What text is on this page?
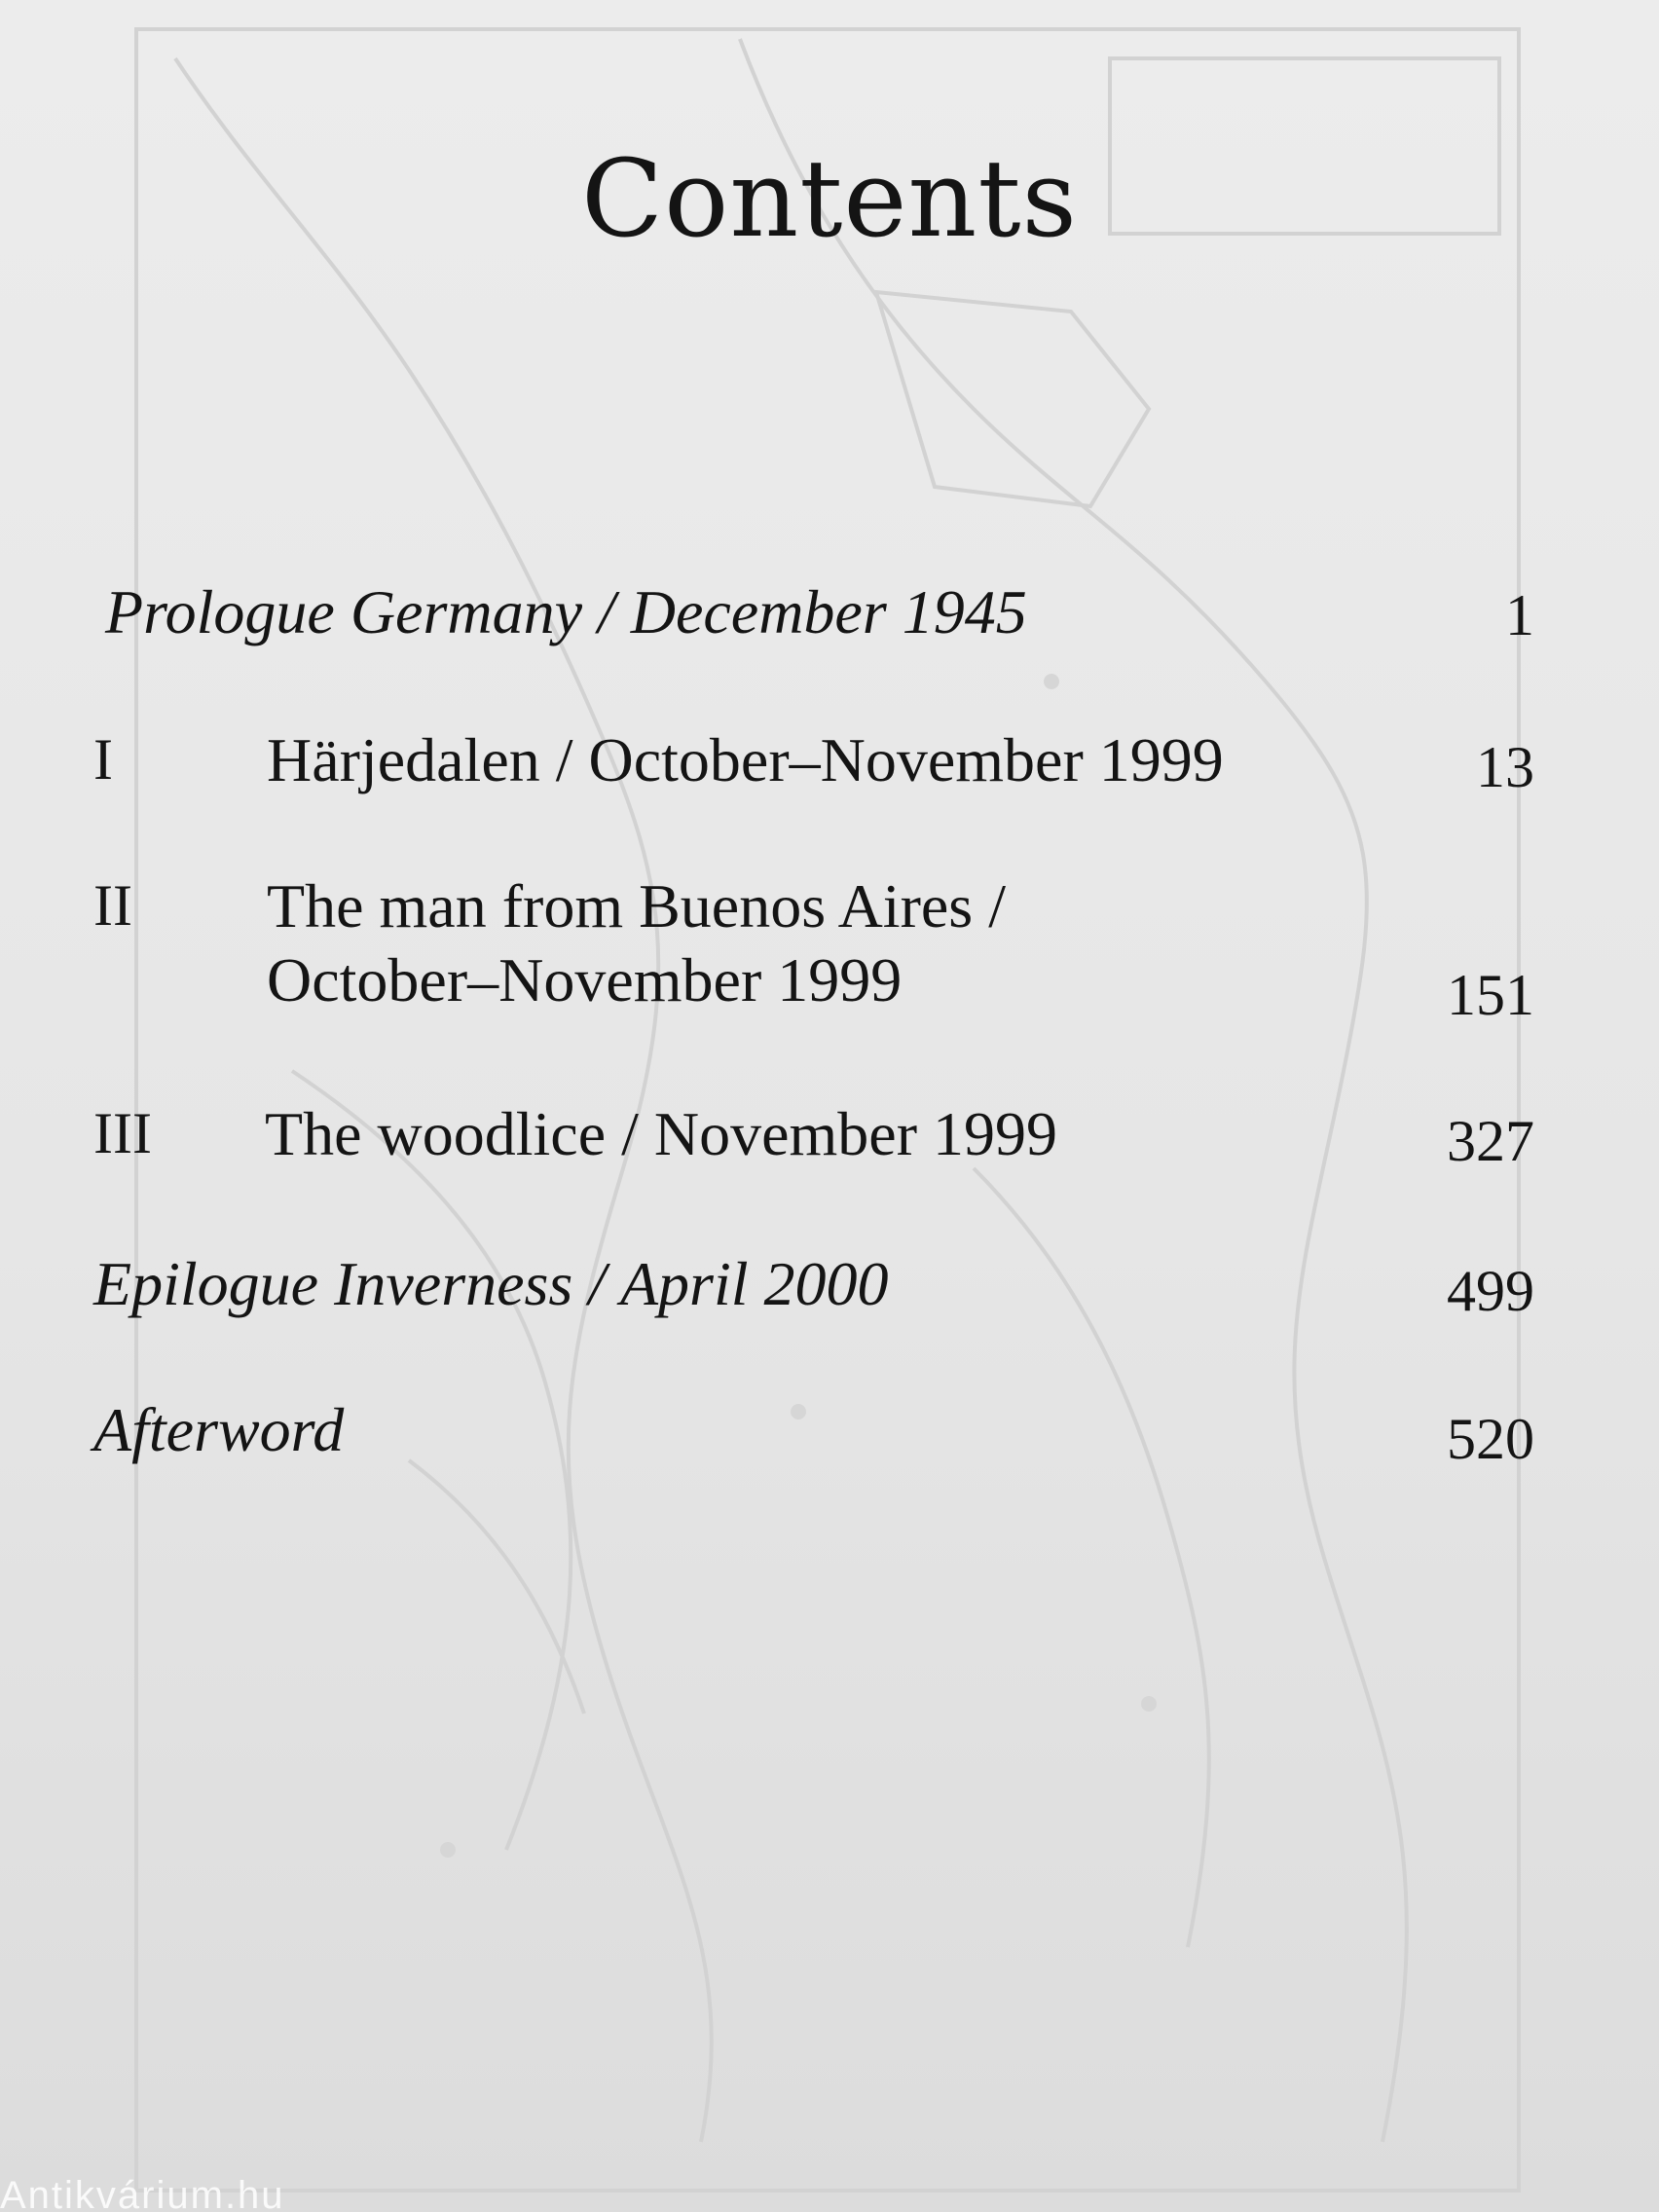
Contents
Prologue Germany / December 1945	1
I Härjedalen / October–November 1999	13
II The man from Buenos Aires /
October–November 1999	151
III The woodlice / November 1999	327
Epilogue Inverness / April 2000	499
Afterword	520
Antikvárium.hu
